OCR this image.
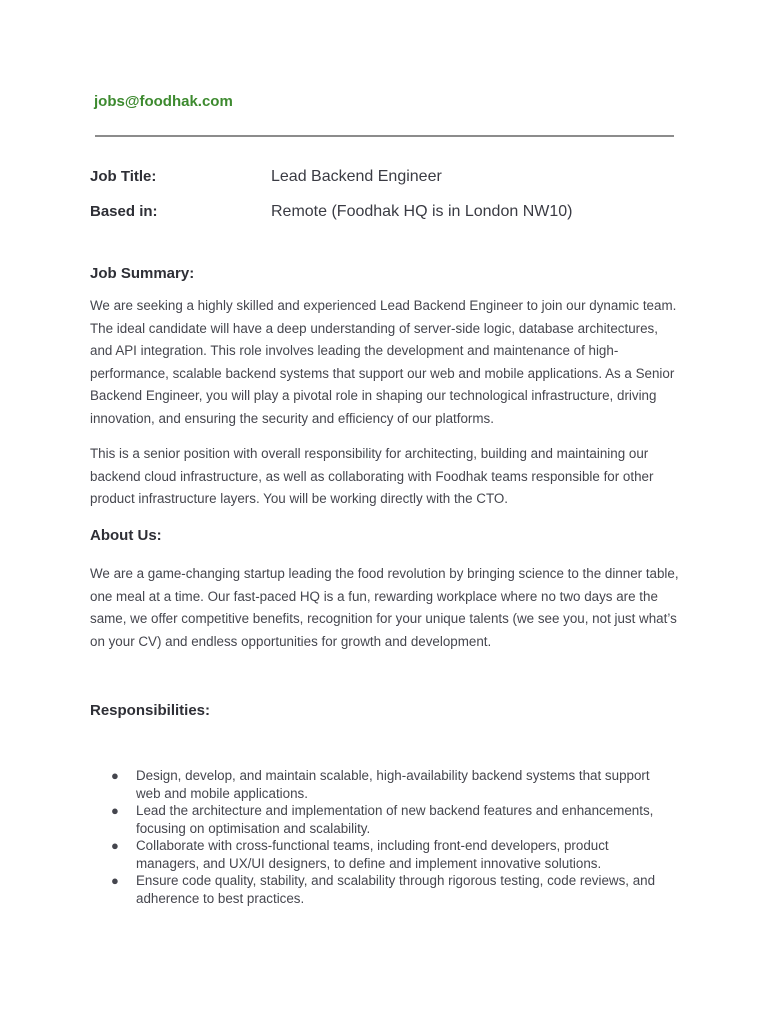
jobs@foodhak.com
Job Title:	Lead Backend Engineer
Based in:	Remote (Foodhak HQ is in London NW10)
Job Summary:

We are seeking a highly skilled and experienced Lead Backend Engineer to join our dynamic team. The ideal candidate will have a deep understanding of server-side logic, database architectures, and API integration. This role involves leading the development and maintenance of high-performance, scalable backend systems that support our web and mobile applications. As a Senior Backend Engineer, you will play a pivotal role in shaping our technological infrastructure, driving innovation, and ensuring the security and efficiency of our platforms.

This is a senior position with overall responsibility for architecting, building and maintaining our backend cloud infrastructure, as well as collaborating with Foodhak teams responsible for other product infrastructure layers. You will be working directly with the CTO.

About Us:

We are a game-changing startup leading the food revolution by bringing science to the dinner table, one meal at a time. Our fast-paced HQ is a fun, rewarding workplace where no two days are the same, we offer competitive benefits, recognition for your unique talents (we see you, not just what’s on your CV) and endless opportunities for growth and development.

Responsibilities:
● Design, develop, and maintain scalable, high-availability backend systems that support web and mobile applications.
● Lead the architecture and implementation of new backend features and enhancements, focusing on optimisation and scalability.
● Collaborate with cross-functional teams, including front-end developers, product managers, and UX/UI designers, to define and implement innovative solutions.
● Ensure code quality, stability, and scalability through rigorous testing, code reviews, and adherence to best practices.
